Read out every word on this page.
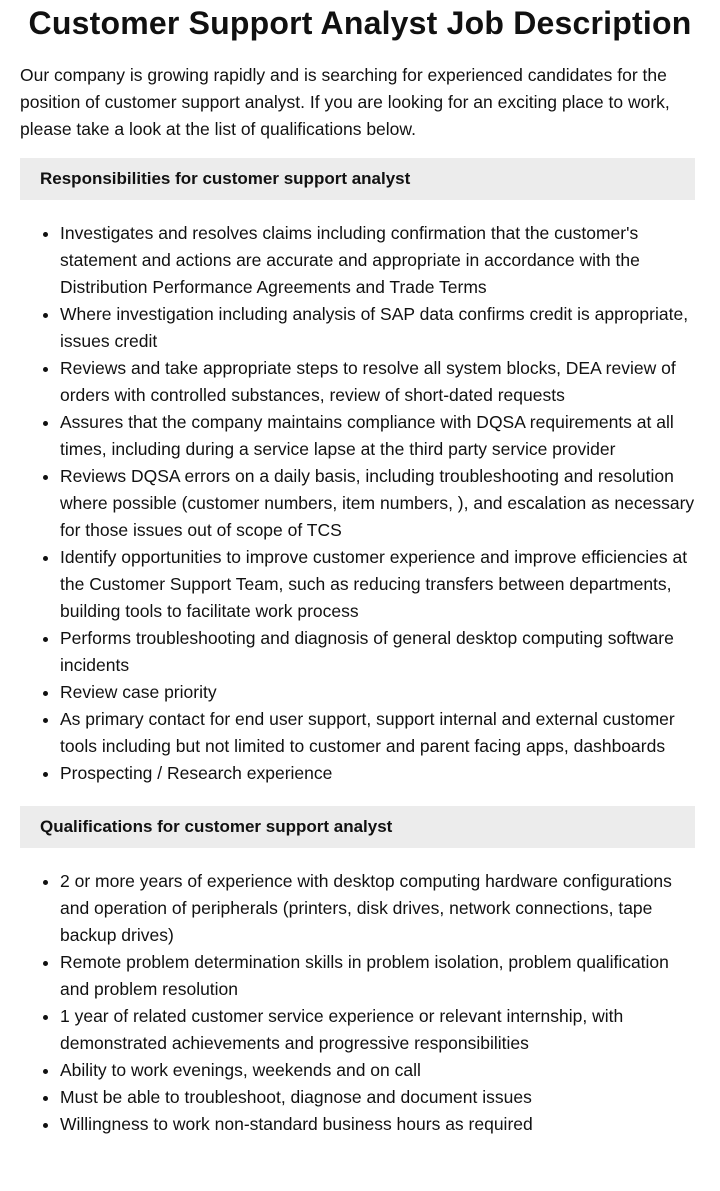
Customer Support Analyst Job Description

Our company is growing rapidly and is searching for experienced candidates for the position of customer support analyst. If you are looking for an exciting place to work, please take a look at the list of qualifications below.

Responsibilities for customer support analyst
• Investigates and resolves claims including confirmation that the customer's statement and actions are accurate and appropriate in accordance with the Distribution Performance Agreements and Trade Terms
• Where investigation including analysis of SAP data confirms credit is appropriate, issues credit
• Reviews and take appropriate steps to resolve all system blocks, DEA review of orders with controlled substances, review of short-dated requests
• Assures that the company maintains compliance with DQSA requirements at all times, including during a service lapse at the third party service provider
• Reviews DQSA errors on a daily basis, including troubleshooting and resolution where possible (customer numbers, item numbers, ), and escalation as necessary for those issues out of scope of TCS
• Identify opportunities to improve customer experience and improve efficiencies at the Customer Support Team, such as reducing transfers between departments, building tools to facilitate work process
• Performs troubleshooting and diagnosis of general desktop computing software incidents
• Review case priority
• As primary contact for end user support, support internal and external customer tools including but not limited to customer and parent facing apps, dashboards
• Prospecting / Research experience
Qualifications for customer support analyst
• 2 or more years of experience with desktop computing hardware configurations and operation of peripherals (printers, disk drives, network connections, tape backup drives)
• Remote problem determination skills in problem isolation, problem qualification and problem resolution
• 1 year of related customer service experience or relevant internship, with demonstrated achievements and progressive responsibilities
• Ability to work evenings, weekends and on call
• Must be able to troubleshoot, diagnose and document issues
• Willingness to work non-standard business hours as required
